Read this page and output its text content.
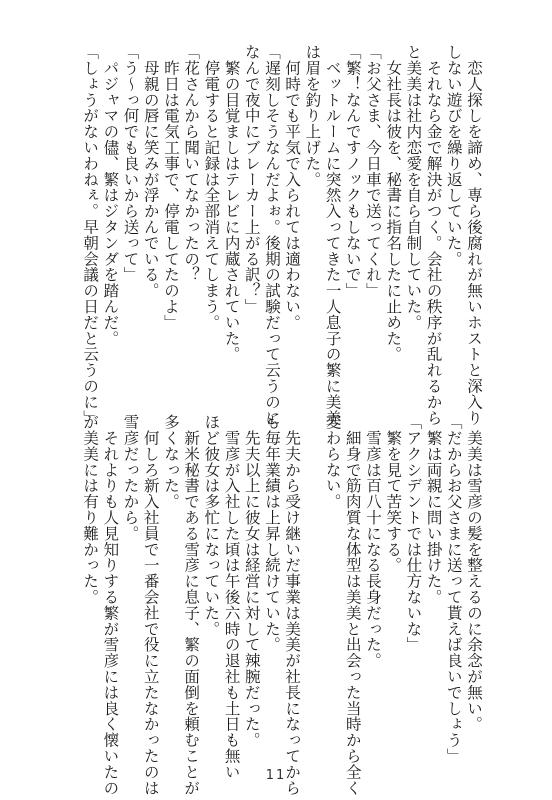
　恋人探しを諦め、専ら後腐れが無いホストと深入り
しない遊びを繰り返していた。
　それなら金で解決がつく。会社の秩序が乱れるから
と美美は社内恋愛を自ら自制していた。
　女社長は彼を、秘書に指名したに止めた。
「お父さま、今日車で送ってくれ」
「繁！なんですノックもしないで」
　ベットルームに突然入ってきた一人息子の繁に美美
は眉を釣り上げた。
　何時でも平気で入られては適わない。
「遅刻しそうなんだよぉ。後期の試験だって云うのに
なんで夜中にブレーカー上がる訳？」
　繁の目覚ましはテレビに内蔵されていた。
　停電すると記録は全部消えてしまう。
「花さんから聞いてなかったの？
　昨日は電気工事で、停電してたのよ」
　母親の唇に笑みが浮かんでいる。
「う〜っ何でも良いから送って」
　パジャマの儘、繁はジタンダを踏んだ。
「しょうがないわねぇ。早朝会議の日だと云うのに」
　美美は雪彦の髪を整えるのに余念が無い。
「だからお父さまに送って貰えば良いでしょう」
　繁は両親に問い掛けた。
「アクシデントでは仕方ないな」
　繁を見て苦笑する。
　雪彦は百八十になる長身だった。
　細身で筋肉質な体型は美美と出会った当時から全く
変わらない。

　先夫から受け継いだ事業は美美が社長になってから
も毎年業績は上昇し続けていた。
　先夫以上に彼女は経営に対して辣腕だった。
　雪彦が入社した頃は午後六時の退社も土日も無い
ほど彼女は多忙になっていた。
　新米秘書である雪彦に息子、繁の面倒を頼むことが
多くなった。
　何しろ新入社員で一番会社で役に立たなかったのは
雪彦だったから。
　それよりも人見知りする繁が雪彦には良く懐いたの
が美美には有り難かった。
11
